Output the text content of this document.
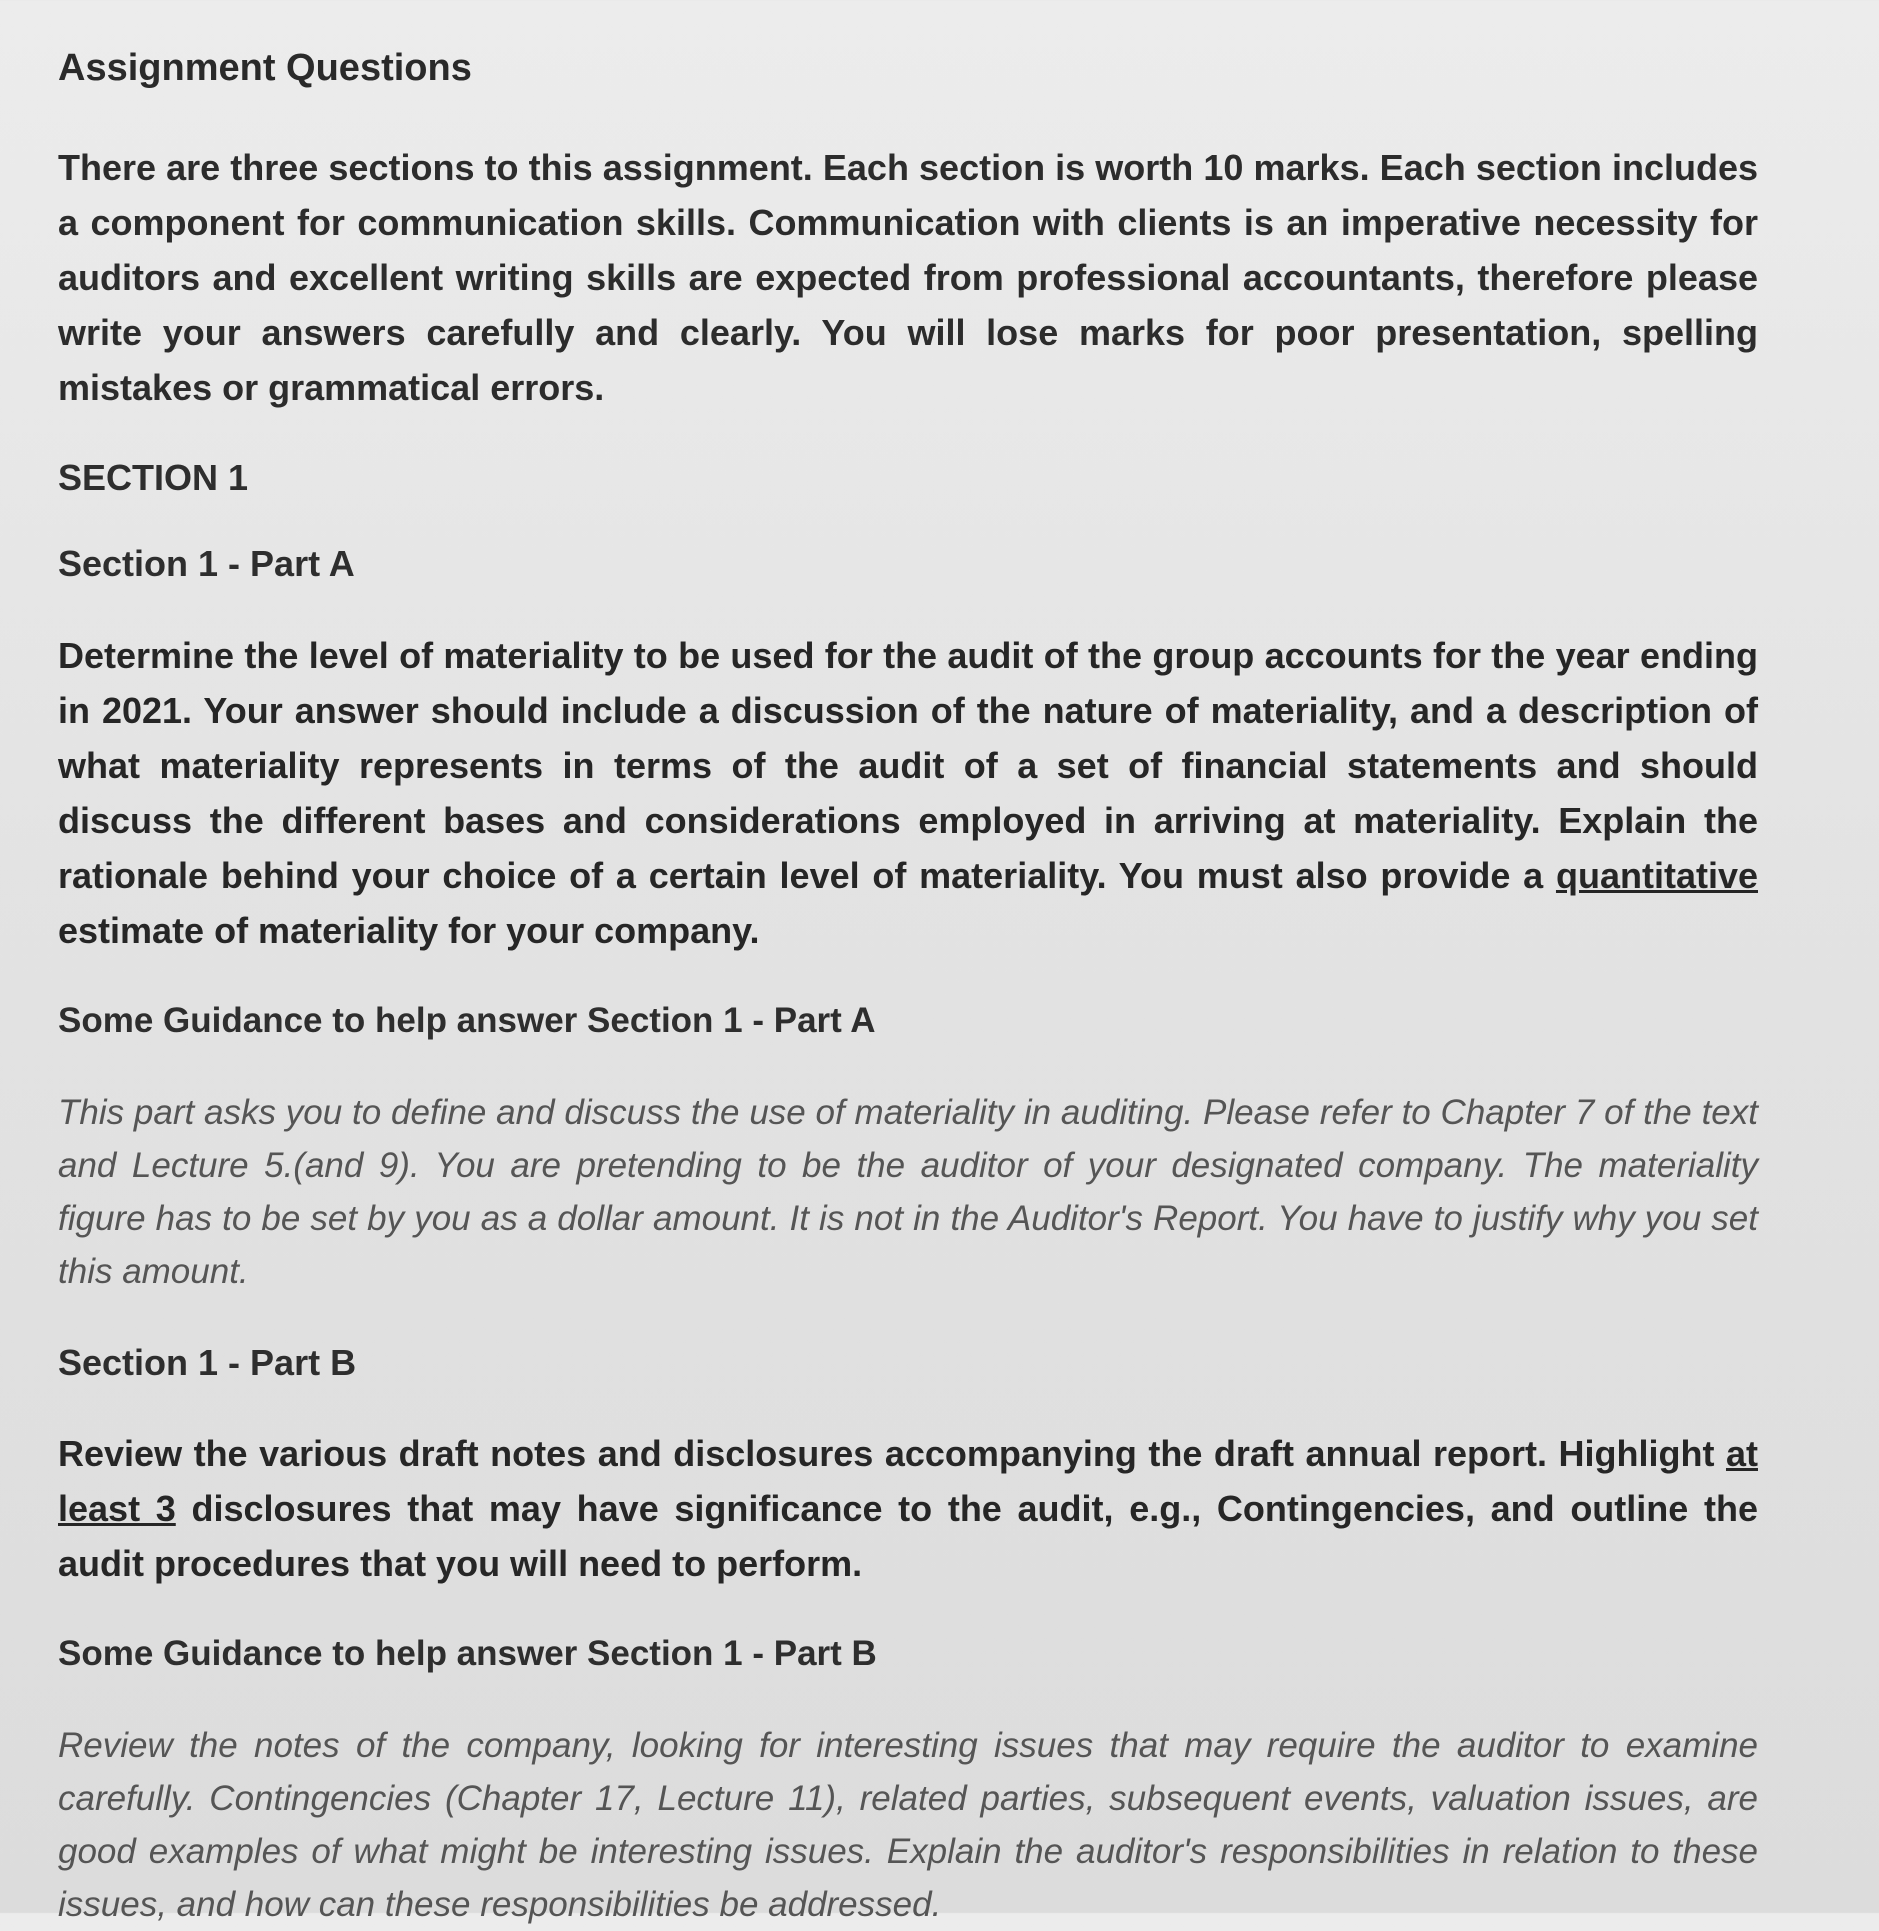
Assignment Questions

There are three sections to this assignment. Each section is worth 10 marks. Each section includes a component for communication skills. Communication with clients is an imperative necessity for auditors and excellent writing skills are expected from professional accountants, therefore please write your answers carefully and clearly. You will lose marks for poor presentation, spelling mistakes or grammatical errors.

SECTION 1
Section 1 - Part A

Determine the level of materiality to be used for the audit of the group accounts for the year ending in 2021. Your answer should include a discussion of the nature of materiality, and a description of what materiality represents in terms of the audit of a set of financial statements and should discuss the different bases and considerations employed in arriving at materiality. Explain the rationale behind your choice of a certain level of materiality. You must also provide a quantitative estimate of materiality for your company.

Some Guidance to help answer Section 1 - Part A

This part asks you to define and discuss the use of materiality in auditing. Please refer to Chapter 7 of the text and Lecture 5.(and 9). You are pretending to be the auditor of your designated company. The materiality figure has to be set by you as a dollar amount. It is not in the Auditor's Report. You have to justify why you set this amount.

Section 1 - Part B

Review the various draft notes and disclosures accompanying the draft annual report. Highlight at least 3 disclosures that may have significance to the audit, e.g., Contingencies, and outline the audit procedures that you will need to perform.

Some Guidance to help answer Section 1 - Part B

Review the notes of the company, looking for interesting issues that may require the auditor to examine carefully. Contingencies (Chapter 17, Lecture 11), related parties, subsequent events, valuation issues, are good examples of what might be interesting issues. Explain the auditor's responsibilities in relation to these issues, and how can these responsibilities be addressed.
